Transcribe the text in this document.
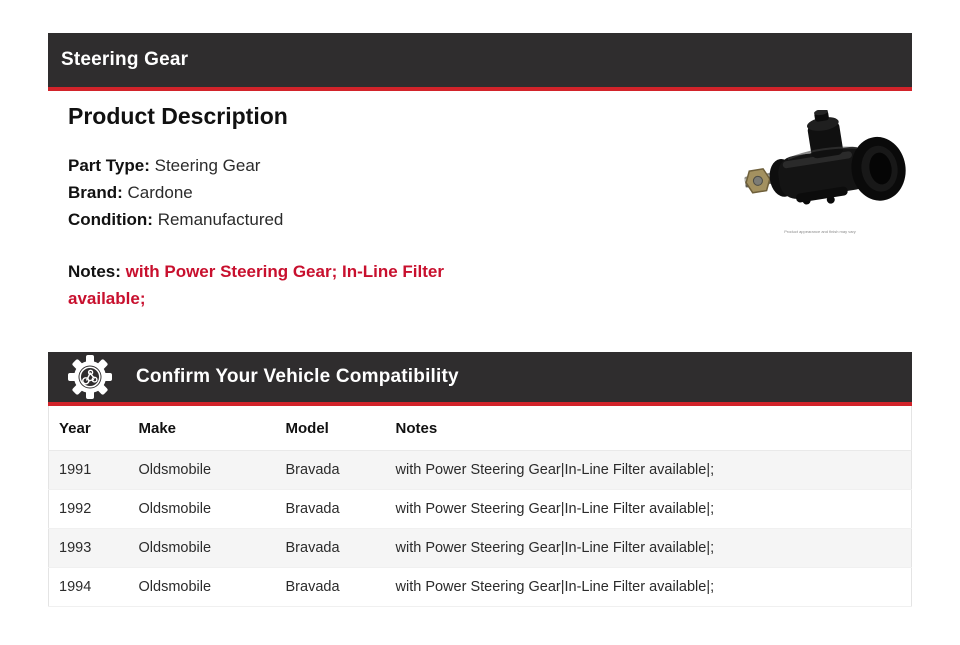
Steering Gear
Product Description
Part Type: Steering Gear
Brand: Cardone
Condition: Remanufactured
Notes: with Power Steering Gear; In-Line Filter available;
Product appearance and finish may vary
Confirm Your Vehicle Compatibility
Year	Make	Model	Notes
1991	Oldsmobile	Bravada	with Power Steering Gear|In-Line Filter available|;
1992	Oldsmobile	Bravada	with Power Steering Gear|In-Line Filter available|;
1993	Oldsmobile	Bravada	with Power Steering Gear|In-Line Filter available|;
1994	Oldsmobile	Bravada	with Power Steering Gear|In-Line Filter available|;
